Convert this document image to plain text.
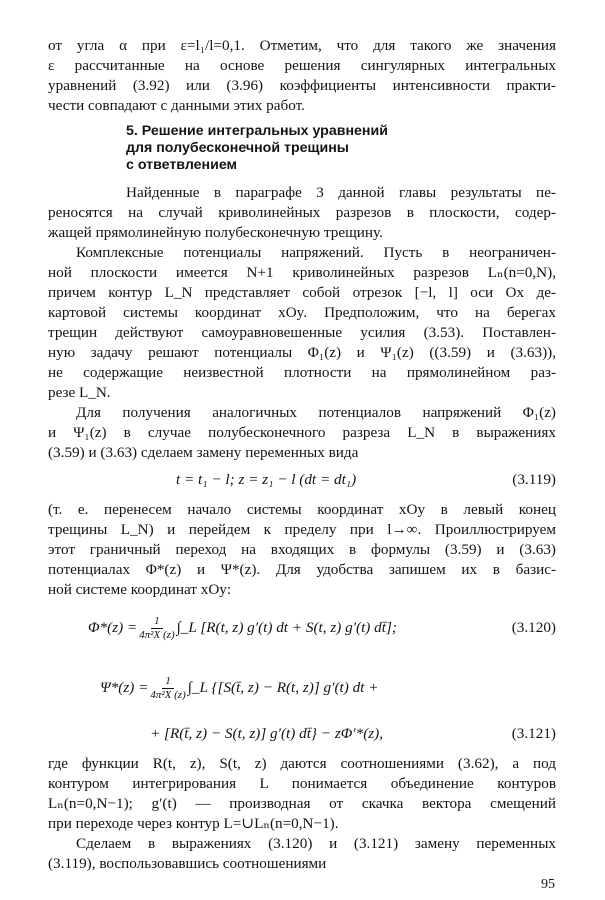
от угла α при ε=l₁/l=0,1. Отметим, что для такого же значения
ε рассчитанные на основе решения сингулярных интегральных
уравнений (3.92) или (3.96) коэффициенты интенсивности практи-
чести совпадают с данными этих работ.
5. Решение интегральных уравнений
для полубесконечной трещины
с ответвлением
Найденные в параграфе 3 данной главы результаты пе-
реносятся на случай криволинейных разрезов в плоскости, содер-
жащей прямолинейную полубесконечную трещину.
Комплексные потенциалы напряжений. Пусть в неограничен-
ной плоскости имеется N+1 криволинейных разрезов Lₙ(n=0,N),
причем контур L_N представляет собой отрезок [−l, l] оси Ox де-
картовой системы координат xOy. Предположим, что на берегах
трещин действуют самоуравновешенные усилия (3.53). Поставлен-
ную задачу решают потенциалы Φ₁(z) и Ψ₁(z) ((3.59) и (3.63)),
не содержащие неизвестной плотности на прямолинейном раз-
резе L_N.
Для получения аналогичных потенциалов напряжений Φ₁(z)
и Ψ₁(z) в случае полубесконечного разреза L_N в выражениях
(3.59) и (3.63) сделаем замену переменных вида
t = t₁ − l; z = z₁ − l (dt = dt₁)	(3.119)
(т. е. перенесем начало системы координат xOy в левый конец
трещины L_N) и перейдем к пределу при l→∞. Проиллюстрируем
этот граничный переход на входящих в формулы (3.59) и (3.63)
потенциалах Φ*(z) и Ψ*(z). Для удобства запишем их в базис-
ной системе координат xOy:
$\Phi*(z) = \frac{1}{\text{4π²X (z)}}$ ∫_L [R(t, z) g′(t) dt + S(t, z) g′(t) dt̄];	(3.120)
$\Psi*(z) = \frac{1}{\text{4π²X (z)}}$ ∫_L {[S(t̄, z) − R(t, z)] g′(t) dt +
+ [R(t̄, z) − S(t, z)] g′(t) dt̄} − zΦ′*(z),	(3.121)
где функции R(t, z), S(t, z) даются соотношениями (3.62), а под
контуром интегрирования L понимается объединение контуров
Lₙ(n=0,N−1); g′(t) — производная от скачка вектора смещений
при переходе через контур L=∪Lₙ(n=0,N−1).
Сделаем в выражениях (3.120) и (3.121) замену переменных
(3.119), воспользовавшись соотношениями
95
